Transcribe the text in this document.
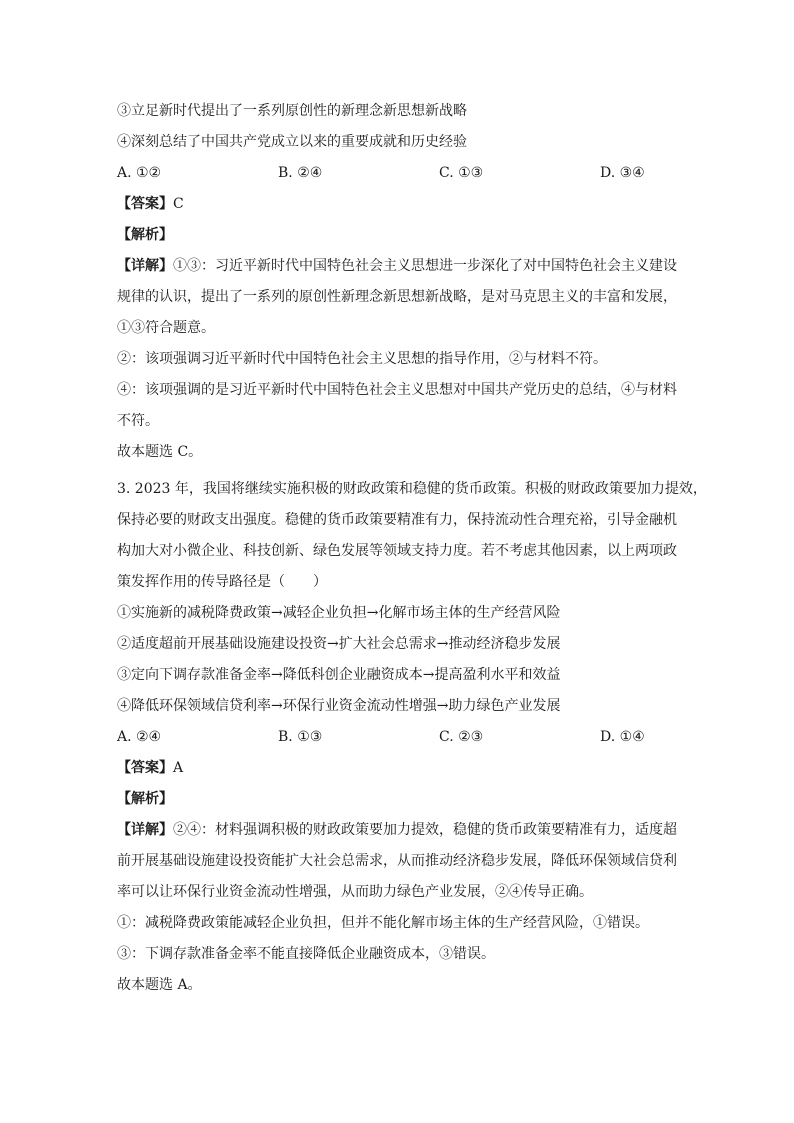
③立足新时代提出了一系列原创性的新理念新思想新战略
④深刻总结了中国共产党成立以来的重要成就和历史经验
A. ①②	B. ②④	C. ①③	D. ③④
【答案】C
【解析】
【详解】①③：习近平新时代中国特色社会主义思想进一步深化了对中国特色社会主义建设
规律的认识，提出了一系列的原创性新理念新思想新战略，是对马克思主义的丰富和发展，
①③符合题意。
②：该项强调习近平新时代中国特色社会主义思想的指导作用，②与材料不符。
④：该项强调的是习近平新时代中国特色社会主义思想对中国共产党历史的总结，④与材料
不符。
故本题选 C。
3. 2023 年，我国将继续实施积极的财政政策和稳健的货币政策。积极的财政政策要加力提效，
保持必要的财政支出强度。稳健的货币政策要精准有力，保持流动性合理充裕，引导金融机
构加大对小微企业、科技创新、绿色发展等领域支持力度。若不考虑其他因素，以上两项政
策发挥作用的传导路径是（　　）
①实施新的减税降费政策→减轻企业负担→化解市场主体的生产经营风险
②适度超前开展基础设施建设投资→扩大社会总需求→推动经济稳步发展
③定向下调存款准备金率→降低科创企业融资成本→提高盈利水平和效益
④降低环保领域信贷利率→环保行业资金流动性增强→助力绿色产业发展
A. ②④	B. ①③	C. ②③	D. ①④
【答案】A
【解析】
【详解】②④：材料强调积极的财政政策要加力提效，稳健的货币政策要精准有力，适度超
前开展基础设施建设投资能扩大社会总需求，从而推动经济稳步发展，降低环保领域信贷利
率可以让环保行业资金流动性增强，从而助力绿色产业发展，②④传导正确。
①：减税降费政策能减轻企业负担，但并不能化解市场主体的生产经营风险，①错误。
③：下调存款准备金率不能直接降低企业融资成本，③错误。
故本题选 A。
